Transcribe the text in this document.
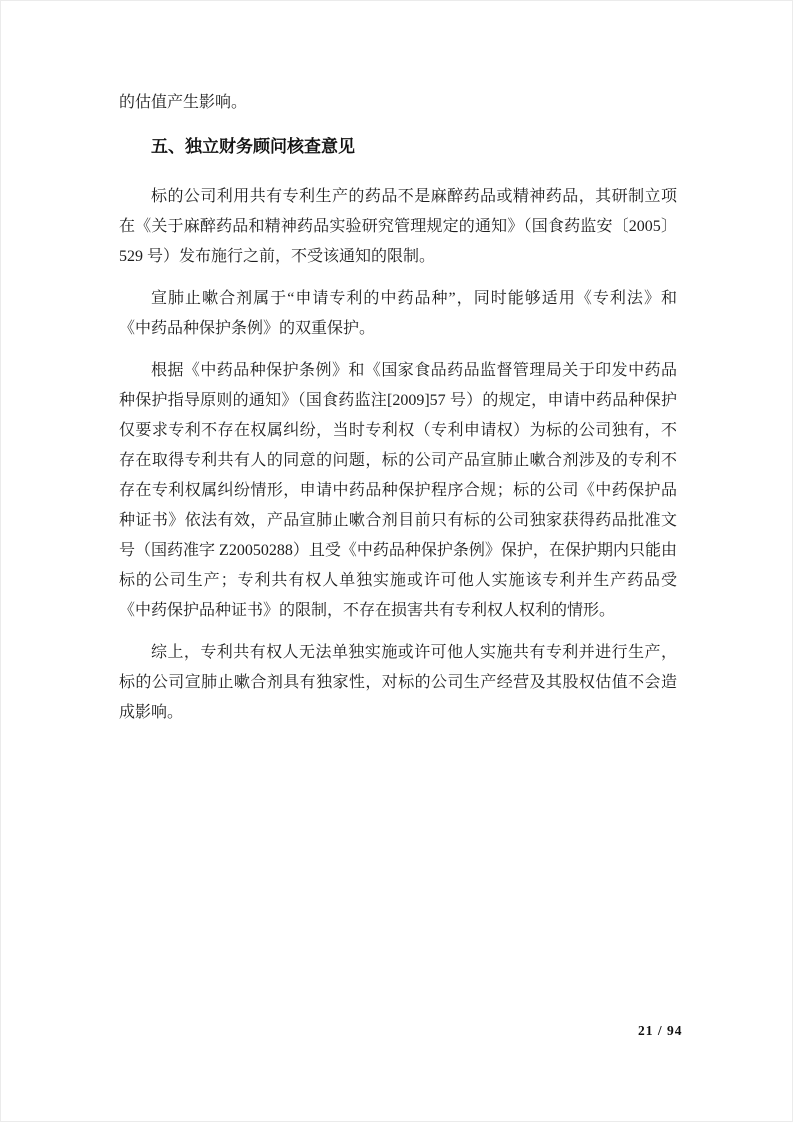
的估值产生影响。

五、独立财务顾问核查意见

标的公司利用共有专利生产的药品不是麻醉药品或精神药品，其研制立项在《关于麻醉药品和精神药品实验研究管理规定的通知》（国食药监安〔2005〕529 号）发布施行之前，不受该通知的限制。

宣肺止嗽合剂属于“申请专利的中药品种”，同时能够适用《专利法》和《中药品种保护条例》的双重保护。

根据《中药品种保护条例》和《国家食品药品监督管理局关于印发中药品种保护指导原则的通知》（国食药监注[2009]57 号）的规定，申请中药品种保护仅要求专利不存在权属纠纷，当时专利权（专利申请权）为标的公司独有，不存在取得专利共有人的同意的问题，标的公司产品宣肺止嗽合剂涉及的专利不存在专利权属纠纷情形，申请中药品种保护程序合规；标的公司《中药保护品种证书》依法有效，产品宣肺止嗽合剂目前只有标的公司独家获得药品批准文号（国药准字 Z20050288）且受《中药品种保护条例》保护，在保护期内只能由标的公司生产；专利共有权人单独实施或许可他人实施该专利并生产药品受《中药保护品种证书》的限制，不存在损害共有专利权人权利的情形。

综上，专利共有权人无法单独实施或许可他人实施共有专利并进行生产，标的公司宣肺止嗽合剂具有独家性，对标的公司生产经营及其股权估值不会造成影响。

21 / 94
